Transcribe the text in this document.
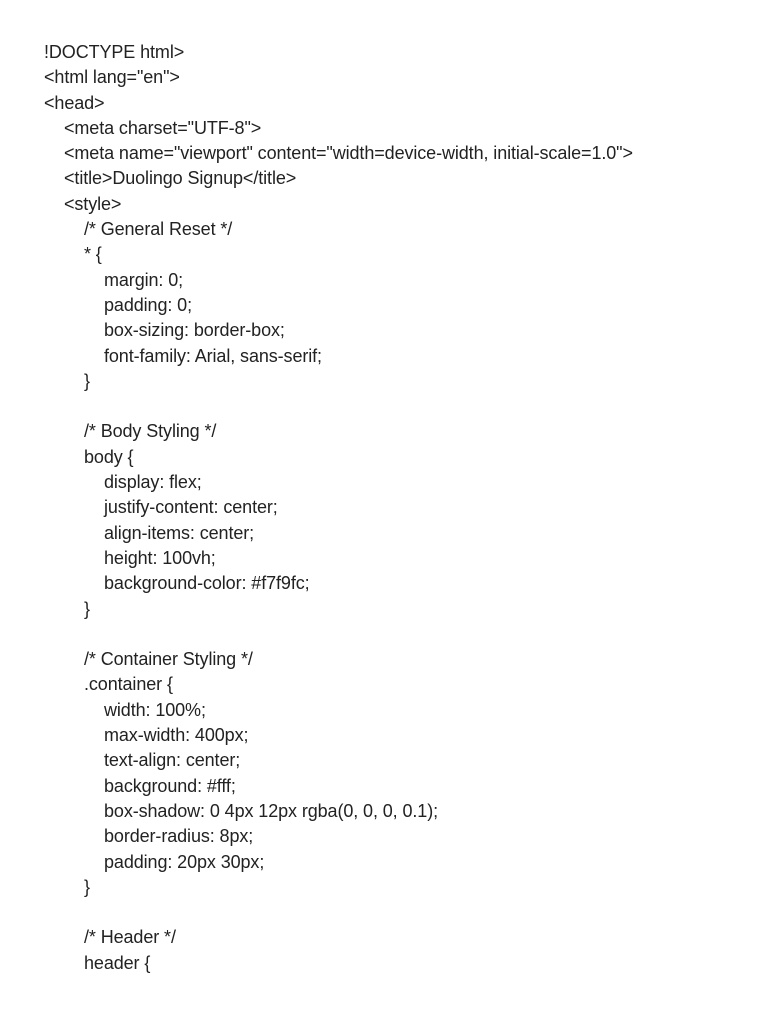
!DOCTYPE html>
<html lang="en">
<head>
<meta charset="UTF-8">
<meta name="viewport" content="width=device-width, initial-scale=1.0">
<title>Duolingo Signup</title>
<style>
/* General Reset */
* {
margin: 0;
padding: 0;
box-sizing: border-box;
font-family: Arial, sans-serif;
}
/* Body Styling */
body {
display: flex;
justify-content: center;
align-items: center;
height: 100vh;
background-color: #f7f9fc;
}
/* Container Styling */
.container {
width: 100%;
max-width: 400px;
text-align: center;
background: #fff;
box-shadow: 0 4px 12px rgba(0, 0, 0, 0.1);
border-radius: 8px;
padding: 20px 30px;
}
/* Header */
header {
